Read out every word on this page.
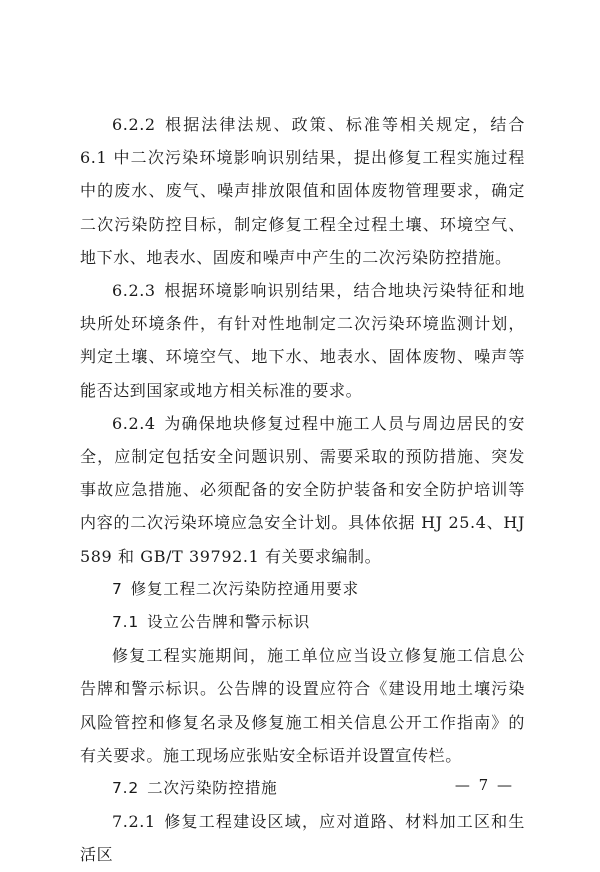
6.2.2 根据法律法规、政策、标准等相关规定，结合 6.1 中二次污染环境影响识别结果，提出修复工程实施过程中的废水、废气、噪声排放限值和固体废物管理要求，确定二次污染防控目标，制定修复工程全过程土壤、环境空气、地下水、地表水、固废和噪声中产生的二次污染防控措施。

6.2.3 根据环境影响识别结果，结合地块污染特征和地块所处环境条件，有针对性地制定二次污染环境监测计划，判定土壤、环境空气、地下水、地表水、固体废物、噪声等能否达到国家或地方相关标准的要求。

6.2.4 为确保地块修复过程中施工人员与周边居民的安全，应制定包括安全问题识别、需要采取的预防措施、突发事故应急措施、必须配备的安全防护装备和安全防护培训等内容的二次污染环境应急安全计划。具体依据 HJ 25.4、HJ 589 和 GB/T 39792.1 有关要求编制。

7 修复工程二次污染防控通用要求

7.1 设立公告牌和警示标识

修复工程实施期间，施工单位应当设立修复施工信息公告牌和警示标识。公告牌的设置应符合《建设用地土壤污染风险管控和修复名录及修复施工相关信息公开工作指南》的有关要求。施工现场应张贴安全标语并设置宣传栏。

7.2 二次污染防控措施

7.2.1 修复工程建设区域，应对道路、材料加工区和生活区

— 7 —
